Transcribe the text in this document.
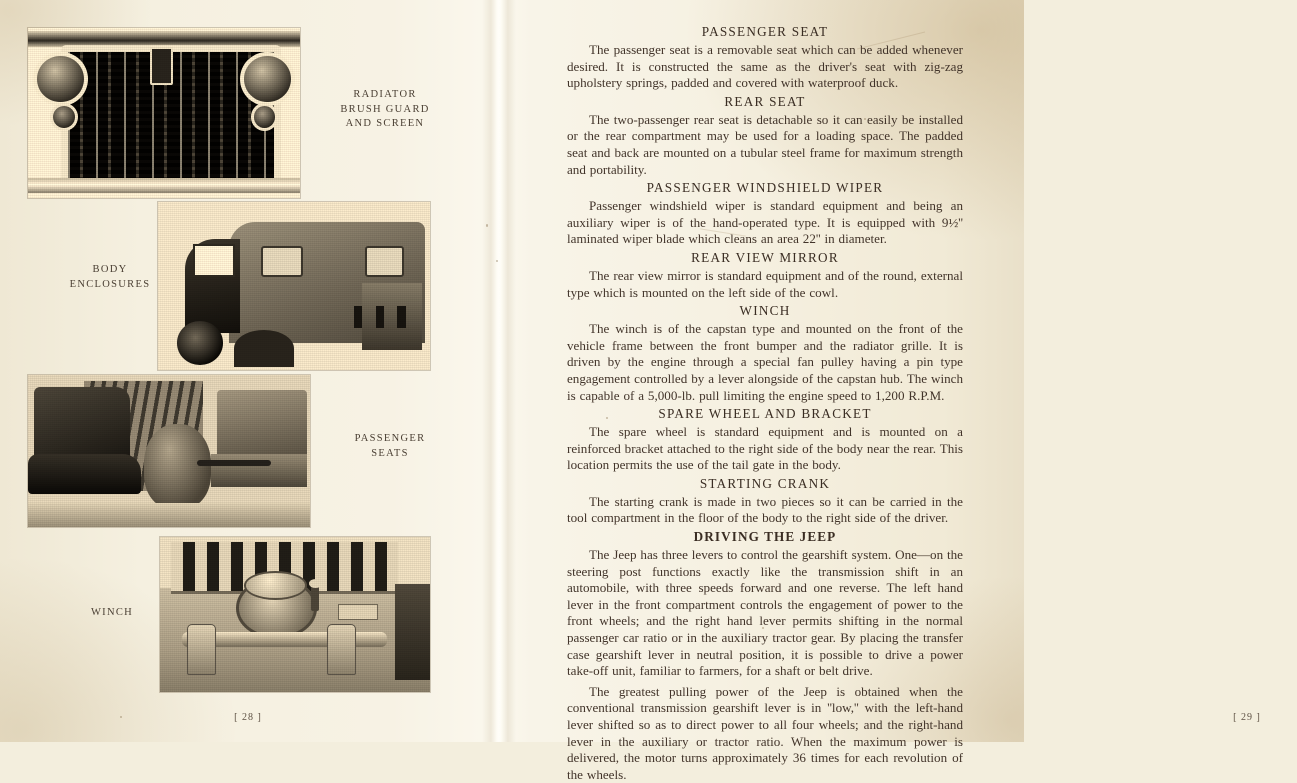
RADIATOR
BRUSH GUARD
AND SCREEN
BODY
ENCLOSURES
PASSENGER
SEATS
WINCH
[ 28 ]
PASSENGER SEAT

The passenger seat is a removable seat which can be added whenever desired. It is constructed the same as the driver's seat with zig-zag upholstery springs, padded and covered with waterproof duck.

REAR SEAT

The two-passenger rear seat is detachable so it can easily be installed or the rear compartment may be used for a loading space. The padded seat and back are mounted on a tubular steel frame for maximum strength and portability.

PASSENGER WINDSHIELD WIPER

Passenger windshield wiper is standard equipment and being an auxiliary wiper is of the hand-operated type. It is equipped with 9½'' laminated wiper blade which cleans an area 22'' in diameter.

REAR VIEW MIRROR

The rear view mirror is standard equipment and of the round, external type which is mounted on the left side of the cowl.

WINCH

The winch is of the capstan type and mounted on the front of the vehicle frame between the front bumper and the radiator grille. It is driven by the engine through a special fan pulley having a pin type engagement controlled by a lever alongside of the capstan hub. The winch is capable of a 5,000-lb. pull limiting the engine speed to 1,200 R.P.M.

SPARE WHEEL AND BRACKET

The spare wheel is standard equipment and is mounted on a reinforced bracket attached to the right side of the body near the rear. This location permits the use of the tail gate in the body.

STARTING CRANK

The starting crank is made in two pieces so it can be carried in the tool compartment in the floor of the body to the right side of the driver.

DRIVING THE JEEP

The Jeep has three levers to control the gearshift system. One—on the steering post functions exactly like the transmission shift in an automobile, with three speeds forward and one reverse. The left hand lever in the front compartment controls the engagement of power to the front wheels; and the right hand lever permits shifting in the normal passenger car ratio or in the auxiliary tractor gear. By placing the transfer case gearshift lever in neutral position, it is possible to drive a power take-off unit, familiar to farmers, for a shaft or belt drive.

The greatest pulling power of the Jeep is obtained when the conventional transmission gearshift lever is in ''low,'' with the left-hand lever shifted so as to direct power to all four wheels; and the right-hand lever in the auxiliary or tractor ratio. When the maximum power is delivered, the motor turns approximately 36 times for each revolution of the wheels.

[ 29 ]
